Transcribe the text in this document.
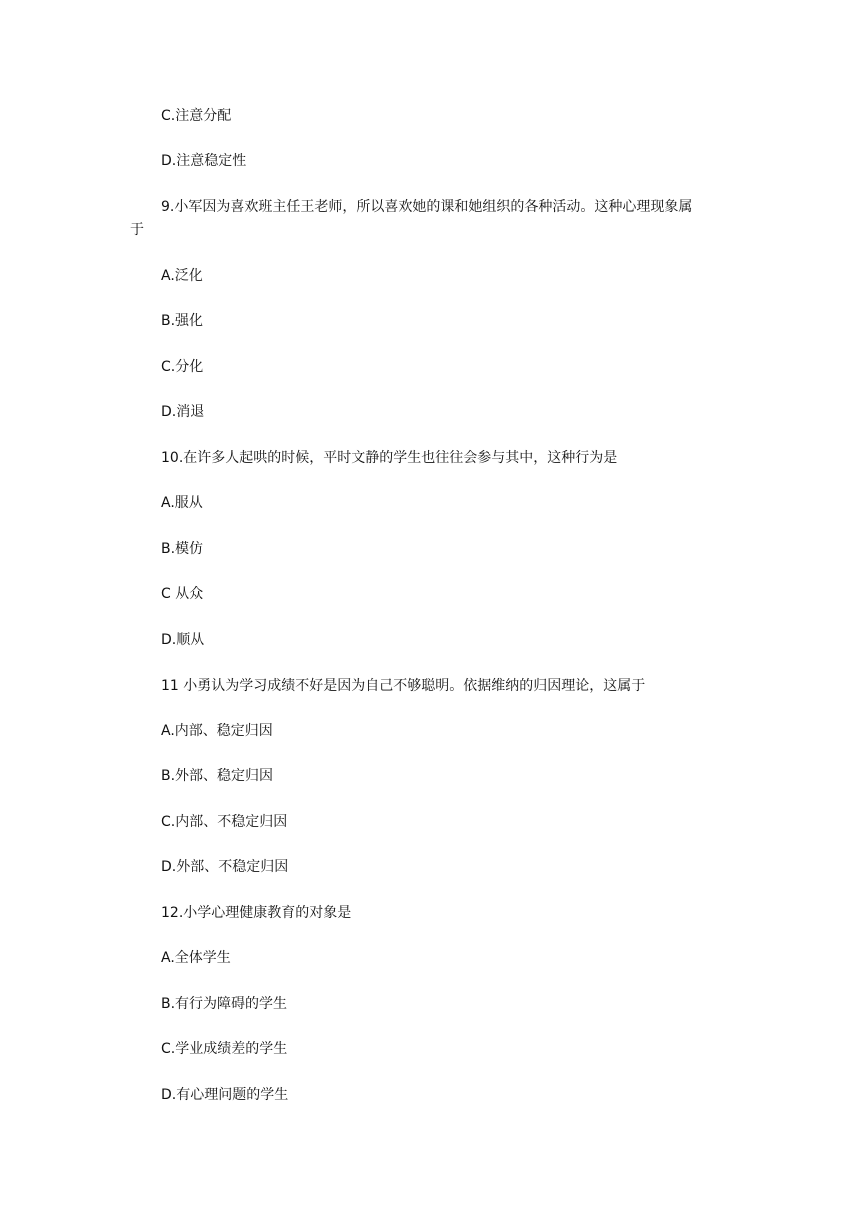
C.注意分配
D.注意稳定性
9.小军因为喜欢班主任王老师，所以喜欢她的课和她组织的各种活动。这种心理现象属
于
A.泛化
B.强化
C.分化
D.消退
10.在许多人起哄的时候，平时文静的学生也往往会参与其中，这种行为是
A.服从
B.模仿
C 从众
D.顺从
11 小勇认为学习成绩不好是因为自己不够聪明。依据维纳的归因理论，这属于
A.内部、稳定归因
B.外部、稳定归因
C.内部、不稳定归因
D.外部、不稳定归因
12.小学心理健康教育的对象是
A.全体学生
B.有行为障碍的学生
C.学业成绩差的学生
D.有心理问题的学生
